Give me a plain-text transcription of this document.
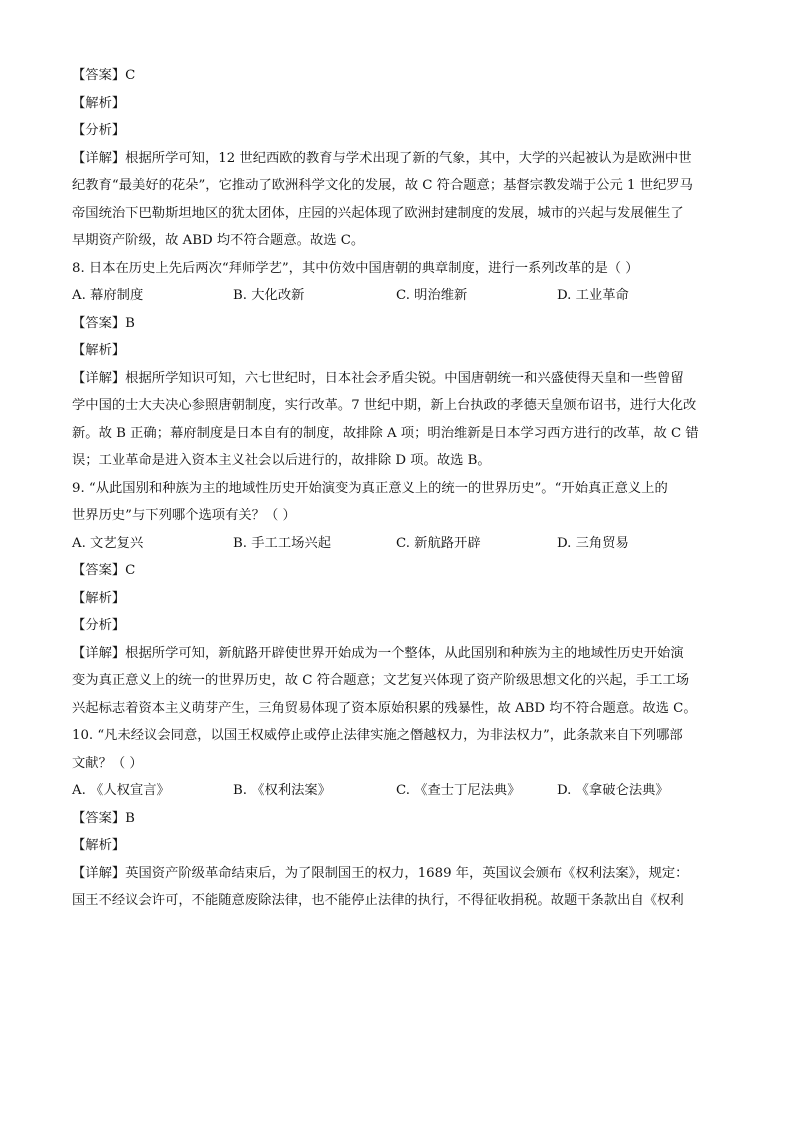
【答案】C
【解析】
【分析】
【详解】根据所学可知，12 世纪西欧的教育与学术出现了新的气象，其中，大学的兴起被认为是欧洲中世
纪教育“最美好的花朵”，它推动了欧洲科学文化的发展，故 C 符合题意；基督宗教发端于公元 1 世纪罗马
帝国统治下巴勒斯坦地区的犹太团体，庄园的兴起体现了欧洲封建制度的发展，城市的兴起与发展催生了
早期资产阶级，故 ABD 均不符合题意。故选 C。
8. 日本在历史上先后两次“拜师学艺”，其中仿效中国唐朝的典章制度，进行一系列改革的是（ ）
A. 幕府制度	B. 大化改新	C. 明治维新	D. 工业革命
【答案】B
【解析】
【详解】根据所学知识可知，六七世纪时，日本社会矛盾尖锐。中国唐朝统一和兴盛使得天皇和一些曾留
学中国的士大夫决心参照唐朝制度，实行改革。7 世纪中期，新上台执政的孝德天皇颁布诏书，进行大化改
新。故 B 正确；幕府制度是日本自有的制度，故排除 A 项；明治维新是日本学习西方进行的改革，故 C 错
误；工业革命是进入资本主义社会以后进行的，故排除 D 项。故选 B。
9. “从此国别和种族为主的地域性历史开始演变为真正意义上的统一的世界历史”。“开始真正意义上的
世界历史”与下列哪个选项有关？（ ）
A. 文艺复兴	B. 手工工场兴起	C. 新航路开辟	D. 三角贸易
【答案】C
【解析】
【分析】
【详解】根据所学可知，新航路开辟使世界开始成为一个整体，从此国别和种族为主的地域性历史开始演
变为真正意义上的统一的世界历史，故 C 符合题意；文艺复兴体现了资产阶级思想文化的兴起，手工工场
兴起标志着资本主义萌芽产生，三角贸易体现了资本原始积累的残暴性，故 ABD 均不符合题意。故选 C。
10. “凡未经议会同意，以国王权威停止或停止法律实施之僭越权力，为非法权力”，此条款来自下列哪部
文献？（ ）
A. 《人权宣言》	B. 《权利法案》	C. 《查士丁尼法典》	D. 《拿破仑法典》
【答案】B
【解析】
【详解】英国资产阶级革命结束后，为了限制国王的权力，1689 年，英国议会颁布《权利法案》，规定：
国王不经议会许可，不能随意废除法律，也不能停止法律的执行，不得征收捐税。故题干条款出自《权利
